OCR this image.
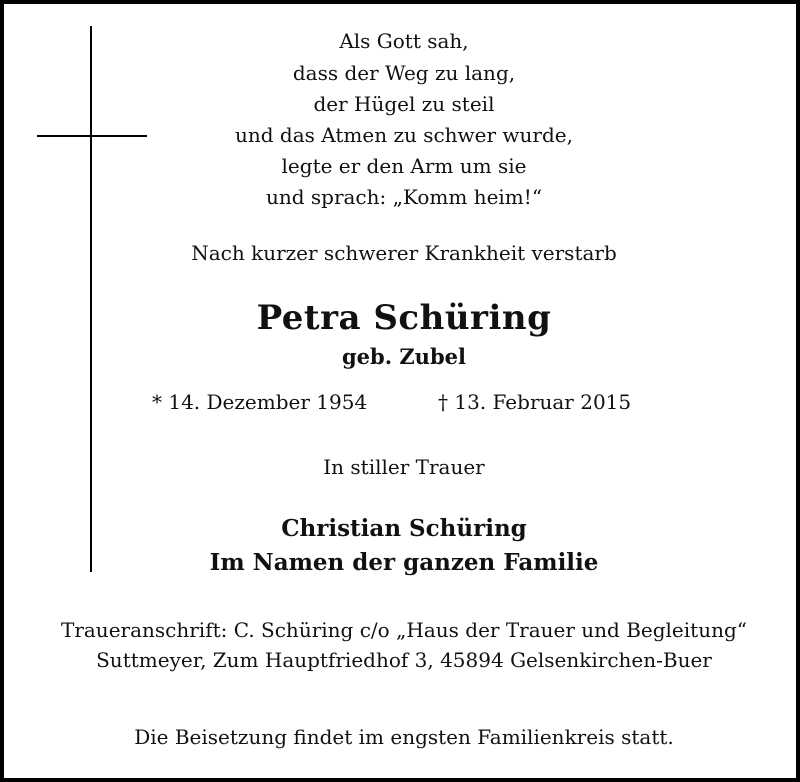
Als Gott sah,
dass der Weg zu lang,
der Hügel zu steil
und das Atmen zu schwer wurde,
legte er den Arm um sie
und sprach: „Komm heim!“
Nach kurzer schwerer Krankheit verstarb
Petra Schüring
geb. Zubel
* 14. Dezember 1954	† 13. Februar 2015
In stiller Trauer
Christian Schüring
Im Namen der ganzen Familie
Traueranschrift: C. Schüring c/o „Haus der Trauer und Begleitung“
Suttmeyer, Zum Hauptfriedhof 3, 45894 Gelsenkirchen-Buer
Die Beisetzung findet im engsten Familienkreis statt.
